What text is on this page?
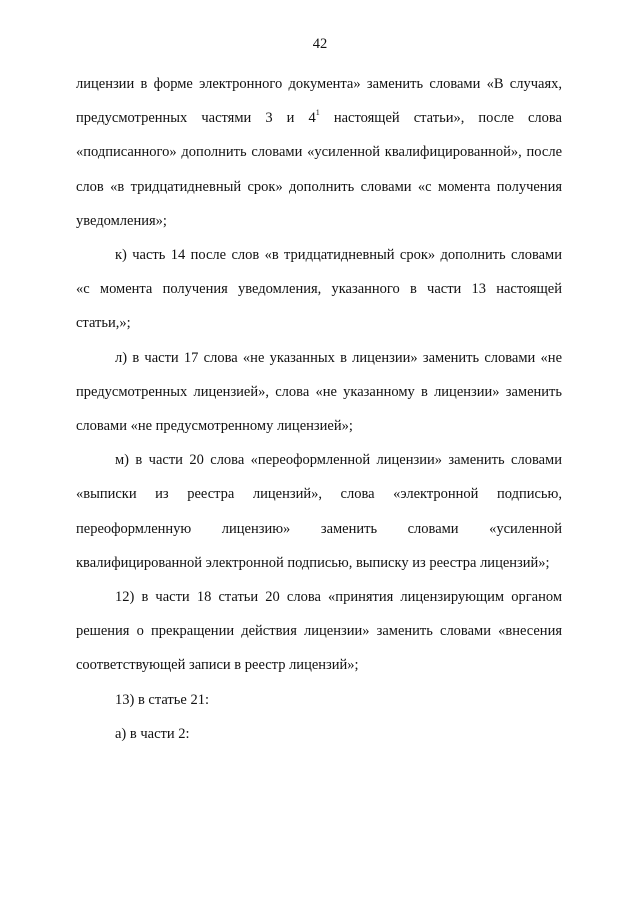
42

лицензии в форме электронного документа» заменить словами «В случаях, предусмотренных частями 3 и $4^1$ настоящей статьи», после слова «подписанного» дополнить словами «усиленной квалифицированной», после слов «в тридцатидневный срок» дополнить словами «с момента получения уведомления»;

к) часть 14 после слов «в тридцатидневный срок» дополнить словами «с момента получения уведомления, указанного в части 13 настоящей статьи,»;

л) в части 17 слова «не указанных в лицензии» заменить словами «не предусмотренных лицензией», слова «не указанному в лицензии» заменить словами «не предусмотренному лицензией»;

м) в части 20 слова «переоформленной лицензии» заменить словами «выписки из реестра лицензий», слова «электронной подписью, переоформленную лицензию» заменить словами «усиленной квалифицированной электронной подписью, выписку из реестра лицензий»;

12) в части 18 статьи 20 слова «принятия лицензирующим органом решения о прекращении действия лицензии» заменить словами «внесения соответствующей записи в реестр лицензий»;

13) в статье 21:

а) в части 2:
